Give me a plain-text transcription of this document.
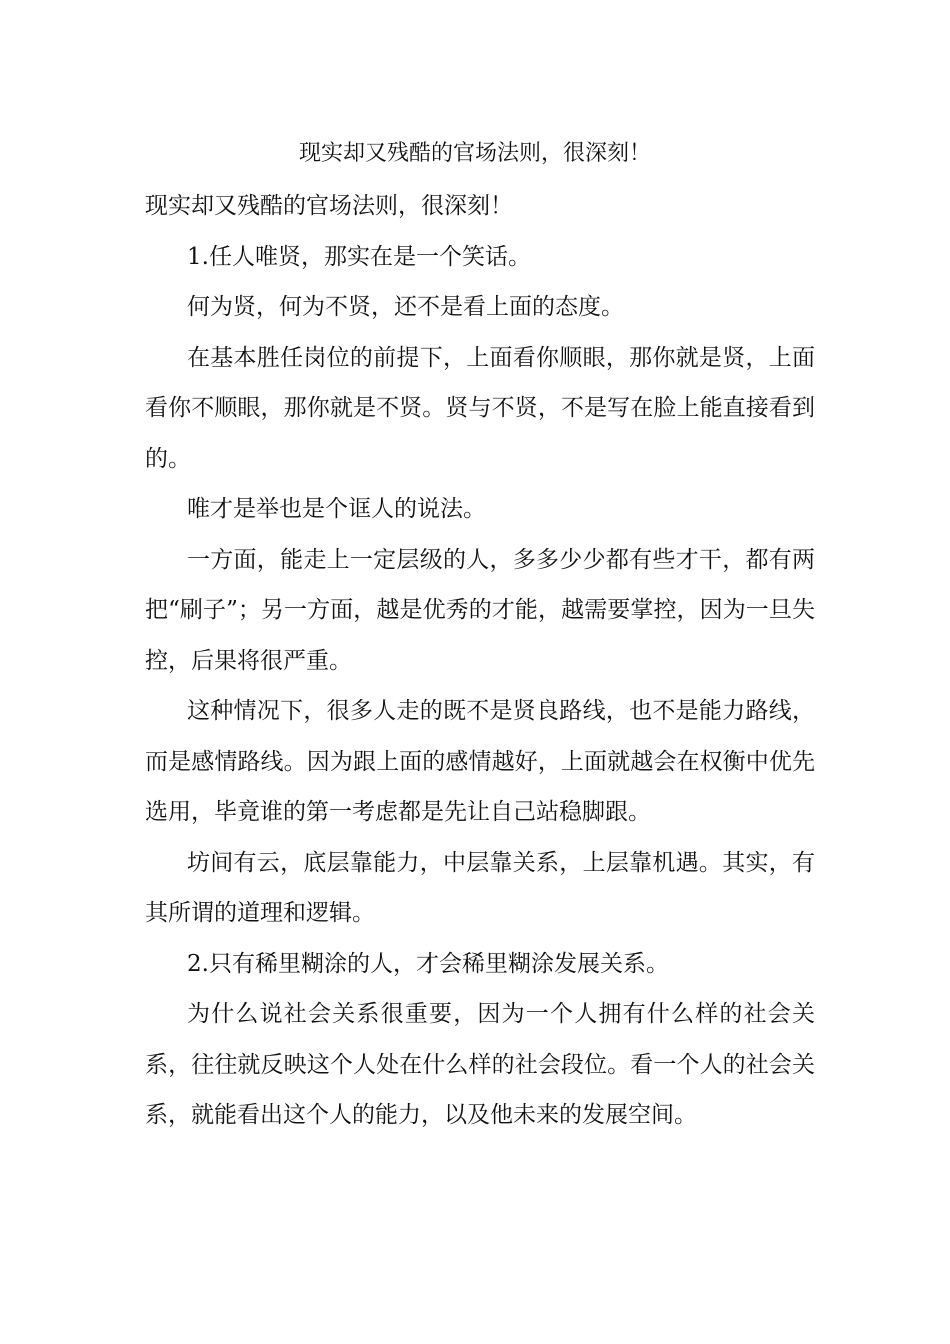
现实却又残酷的官场法则，很深刻！

现实却又残酷的官场法则，很深刻！

1.任人唯贤，那实在是一个笑话。

何为贤，何为不贤，还不是看上面的态度。

在基本胜任岗位的前提下，上面看你顺眼，那你就是贤，上面看你不顺眼，那你就是不贤。贤与不贤，不是写在脸上能直接看到的。

唯才是举也是个诓人的说法。

一方面，能走上一定层级的人，多多少少都有些才干，都有两把“刷子”；另一方面，越是优秀的才能，越需要掌控，因为一旦失控，后果将很严重。

这种情况下，很多人走的既不是贤良路线，也不是能力路线，而是感情路线。因为跟上面的感情越好，上面就越会在权衡中优先选用，毕竟谁的第一考虑都是先让自己站稳脚跟。

坊间有云，底层靠能力，中层靠关系，上层靠机遇。其实，有其所谓的道理和逻辑。

2.只有稀里糊涂的人，才会稀里糊涂发展关系。

为什么说社会关系很重要，因为一个人拥有什么样的社会关系，往往就反映这个人处在什么样的社会段位。看一个人的社会关系，就能看出这个人的能力，以及他未来的发展空间。
